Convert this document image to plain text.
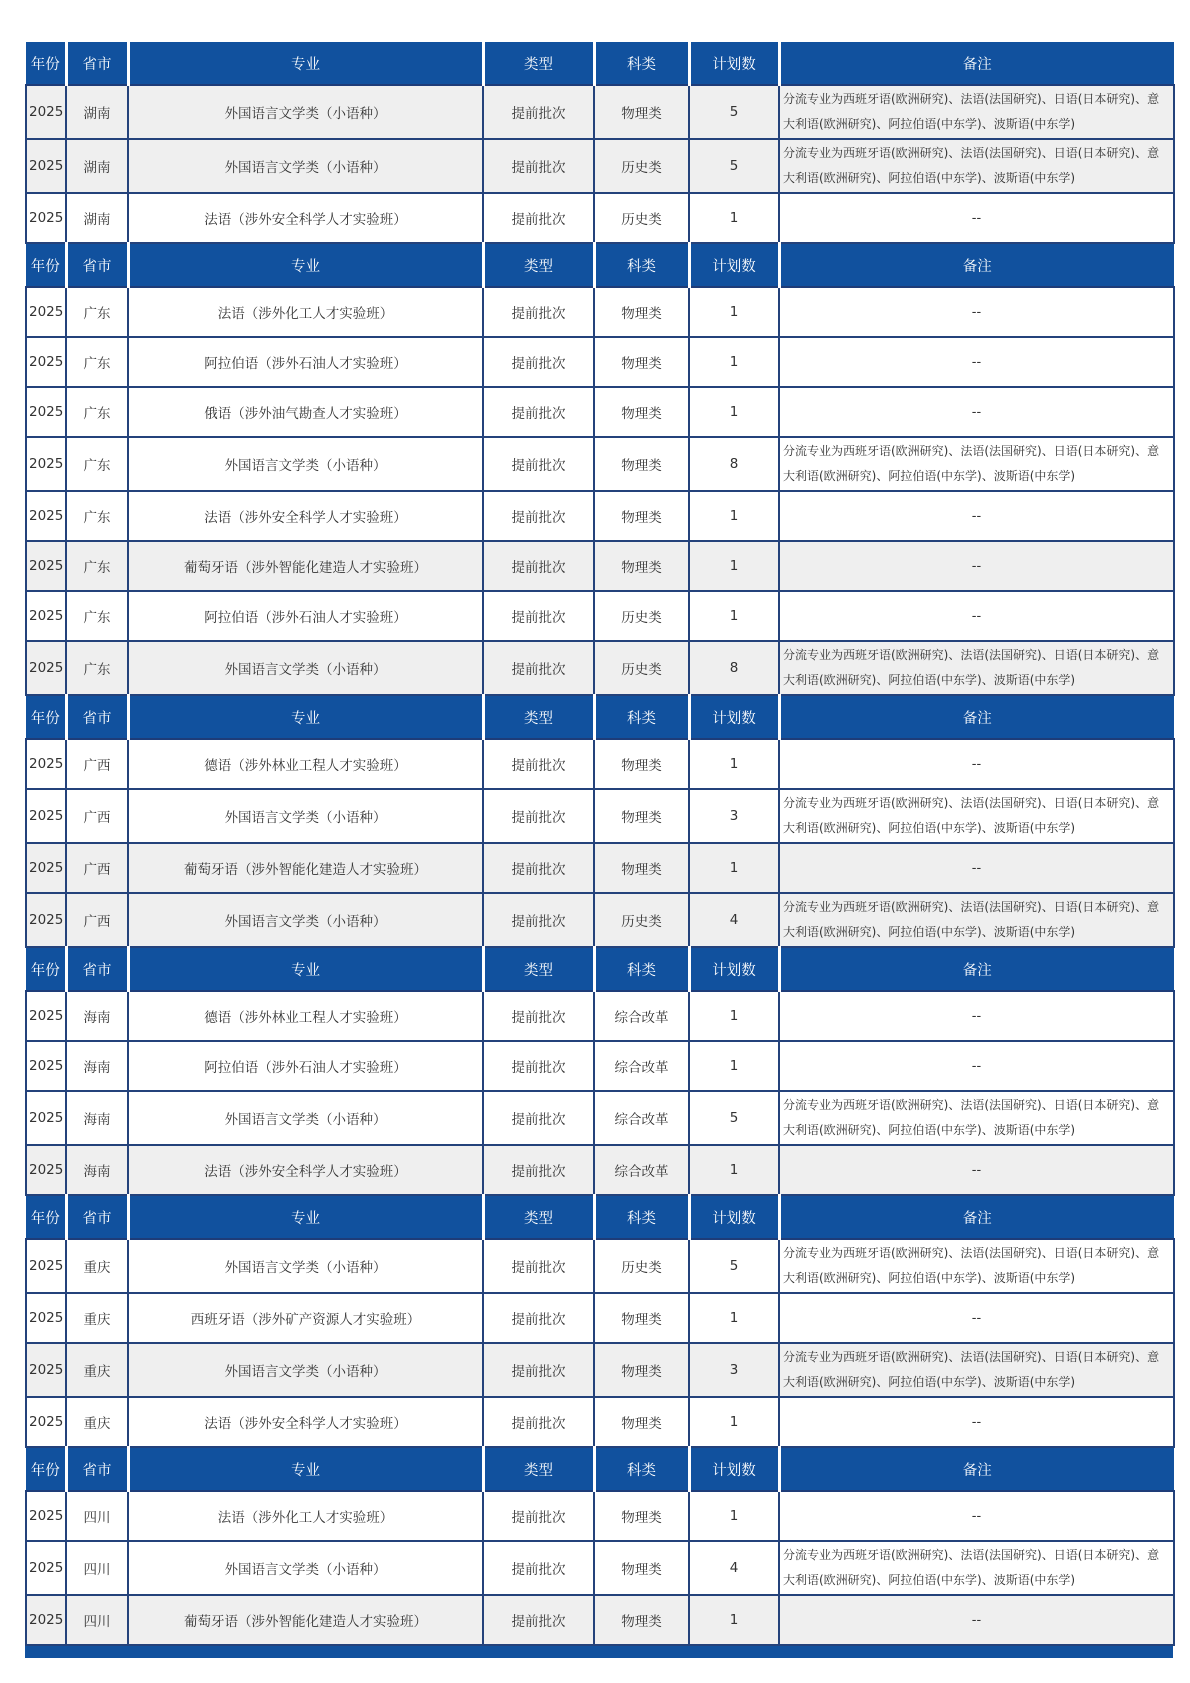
年份	省市	专业	类型	科类	计划数	备注
2025	湖南	外国语言文学类（小语种）	提前批次	物理类	5	分流专业为西班牙语(欧洲研究)、法语(法国研究)、日语(日本研究)、意大利语(欧洲研究)、阿拉伯语(中东学)、波斯语(中东学)
2025	湖南	外国语言文学类（小语种）	提前批次	历史类	5	分流专业为西班牙语(欧洲研究)、法语(法国研究)、日语(日本研究)、意大利语(欧洲研究)、阿拉伯语(中东学)、波斯语(中东学)
2025	湖南	法语（涉外安全科学人才实验班）	提前批次	历史类	1	--
年份	省市	专业	类型	科类	计划数	备注
2025	广东	法语（涉外化工人才实验班）	提前批次	物理类	1	--
2025	广东	阿拉伯语（涉外石油人才实验班）	提前批次	物理类	1	--
2025	广东	俄语（涉外油气勘查人才实验班）	提前批次	物理类	1	--
2025	广东	外国语言文学类（小语种）	提前批次	物理类	8	分流专业为西班牙语(欧洲研究)、法语(法国研究)、日语(日本研究)、意大利语(欧洲研究)、阿拉伯语(中东学)、波斯语(中东学)
2025	广东	法语（涉外安全科学人才实验班）	提前批次	物理类	1	--
2025	广东	葡萄牙语（涉外智能化建造人才实验班）	提前批次	物理类	1	--
2025	广东	阿拉伯语（涉外石油人才实验班）	提前批次	历史类	1	--
2025	广东	外国语言文学类（小语种）	提前批次	历史类	8	分流专业为西班牙语(欧洲研究)、法语(法国研究)、日语(日本研究)、意大利语(欧洲研究)、阿拉伯语(中东学)、波斯语(中东学)
年份	省市	专业	类型	科类	计划数	备注
2025	广西	德语（涉外林业工程人才实验班）	提前批次	物理类	1	--
2025	广西	外国语言文学类（小语种）	提前批次	物理类	3	分流专业为西班牙语(欧洲研究)、法语(法国研究)、日语(日本研究)、意大利语(欧洲研究)、阿拉伯语(中东学)、波斯语(中东学)
2025	广西	葡萄牙语（涉外智能化建造人才实验班）	提前批次	物理类	1	--
2025	广西	外国语言文学类（小语种）	提前批次	历史类	4	分流专业为西班牙语(欧洲研究)、法语(法国研究)、日语(日本研究)、意大利语(欧洲研究)、阿拉伯语(中东学)、波斯语(中东学)
年份	省市	专业	类型	科类	计划数	备注
2025	海南	德语（涉外林业工程人才实验班）	提前批次	综合改革	1	--
2025	海南	阿拉伯语（涉外石油人才实验班）	提前批次	综合改革	1	--
2025	海南	外国语言文学类（小语种）	提前批次	综合改革	5	分流专业为西班牙语(欧洲研究)、法语(法国研究)、日语(日本研究)、意大利语(欧洲研究)、阿拉伯语(中东学)、波斯语(中东学)
2025	海南	法语（涉外安全科学人才实验班）	提前批次	综合改革	1	--
年份	省市	专业	类型	科类	计划数	备注
2025	重庆	外国语言文学类（小语种）	提前批次	历史类	5	分流专业为西班牙语(欧洲研究)、法语(法国研究)、日语(日本研究)、意大利语(欧洲研究)、阿拉伯语(中东学)、波斯语(中东学)
2025	重庆	西班牙语（涉外矿产资源人才实验班）	提前批次	物理类	1	--
2025	重庆	外国语言文学类（小语种）	提前批次	物理类	3	分流专业为西班牙语(欧洲研究)、法语(法国研究)、日语(日本研究)、意大利语(欧洲研究)、阿拉伯语(中东学)、波斯语(中东学)
2025	重庆	法语（涉外安全科学人才实验班）	提前批次	物理类	1	--
年份	省市	专业	类型	科类	计划数	备注
2025	四川	法语（涉外化工人才实验班）	提前批次	物理类	1	--
2025	四川	外国语言文学类（小语种）	提前批次	物理类	4	分流专业为西班牙语(欧洲研究)、法语(法国研究)、日语(日本研究)、意大利语(欧洲研究)、阿拉伯语(中东学)、波斯语(中东学)
2025	四川	葡萄牙语（涉外智能化建造人才实验班）	提前批次	物理类	1	--
